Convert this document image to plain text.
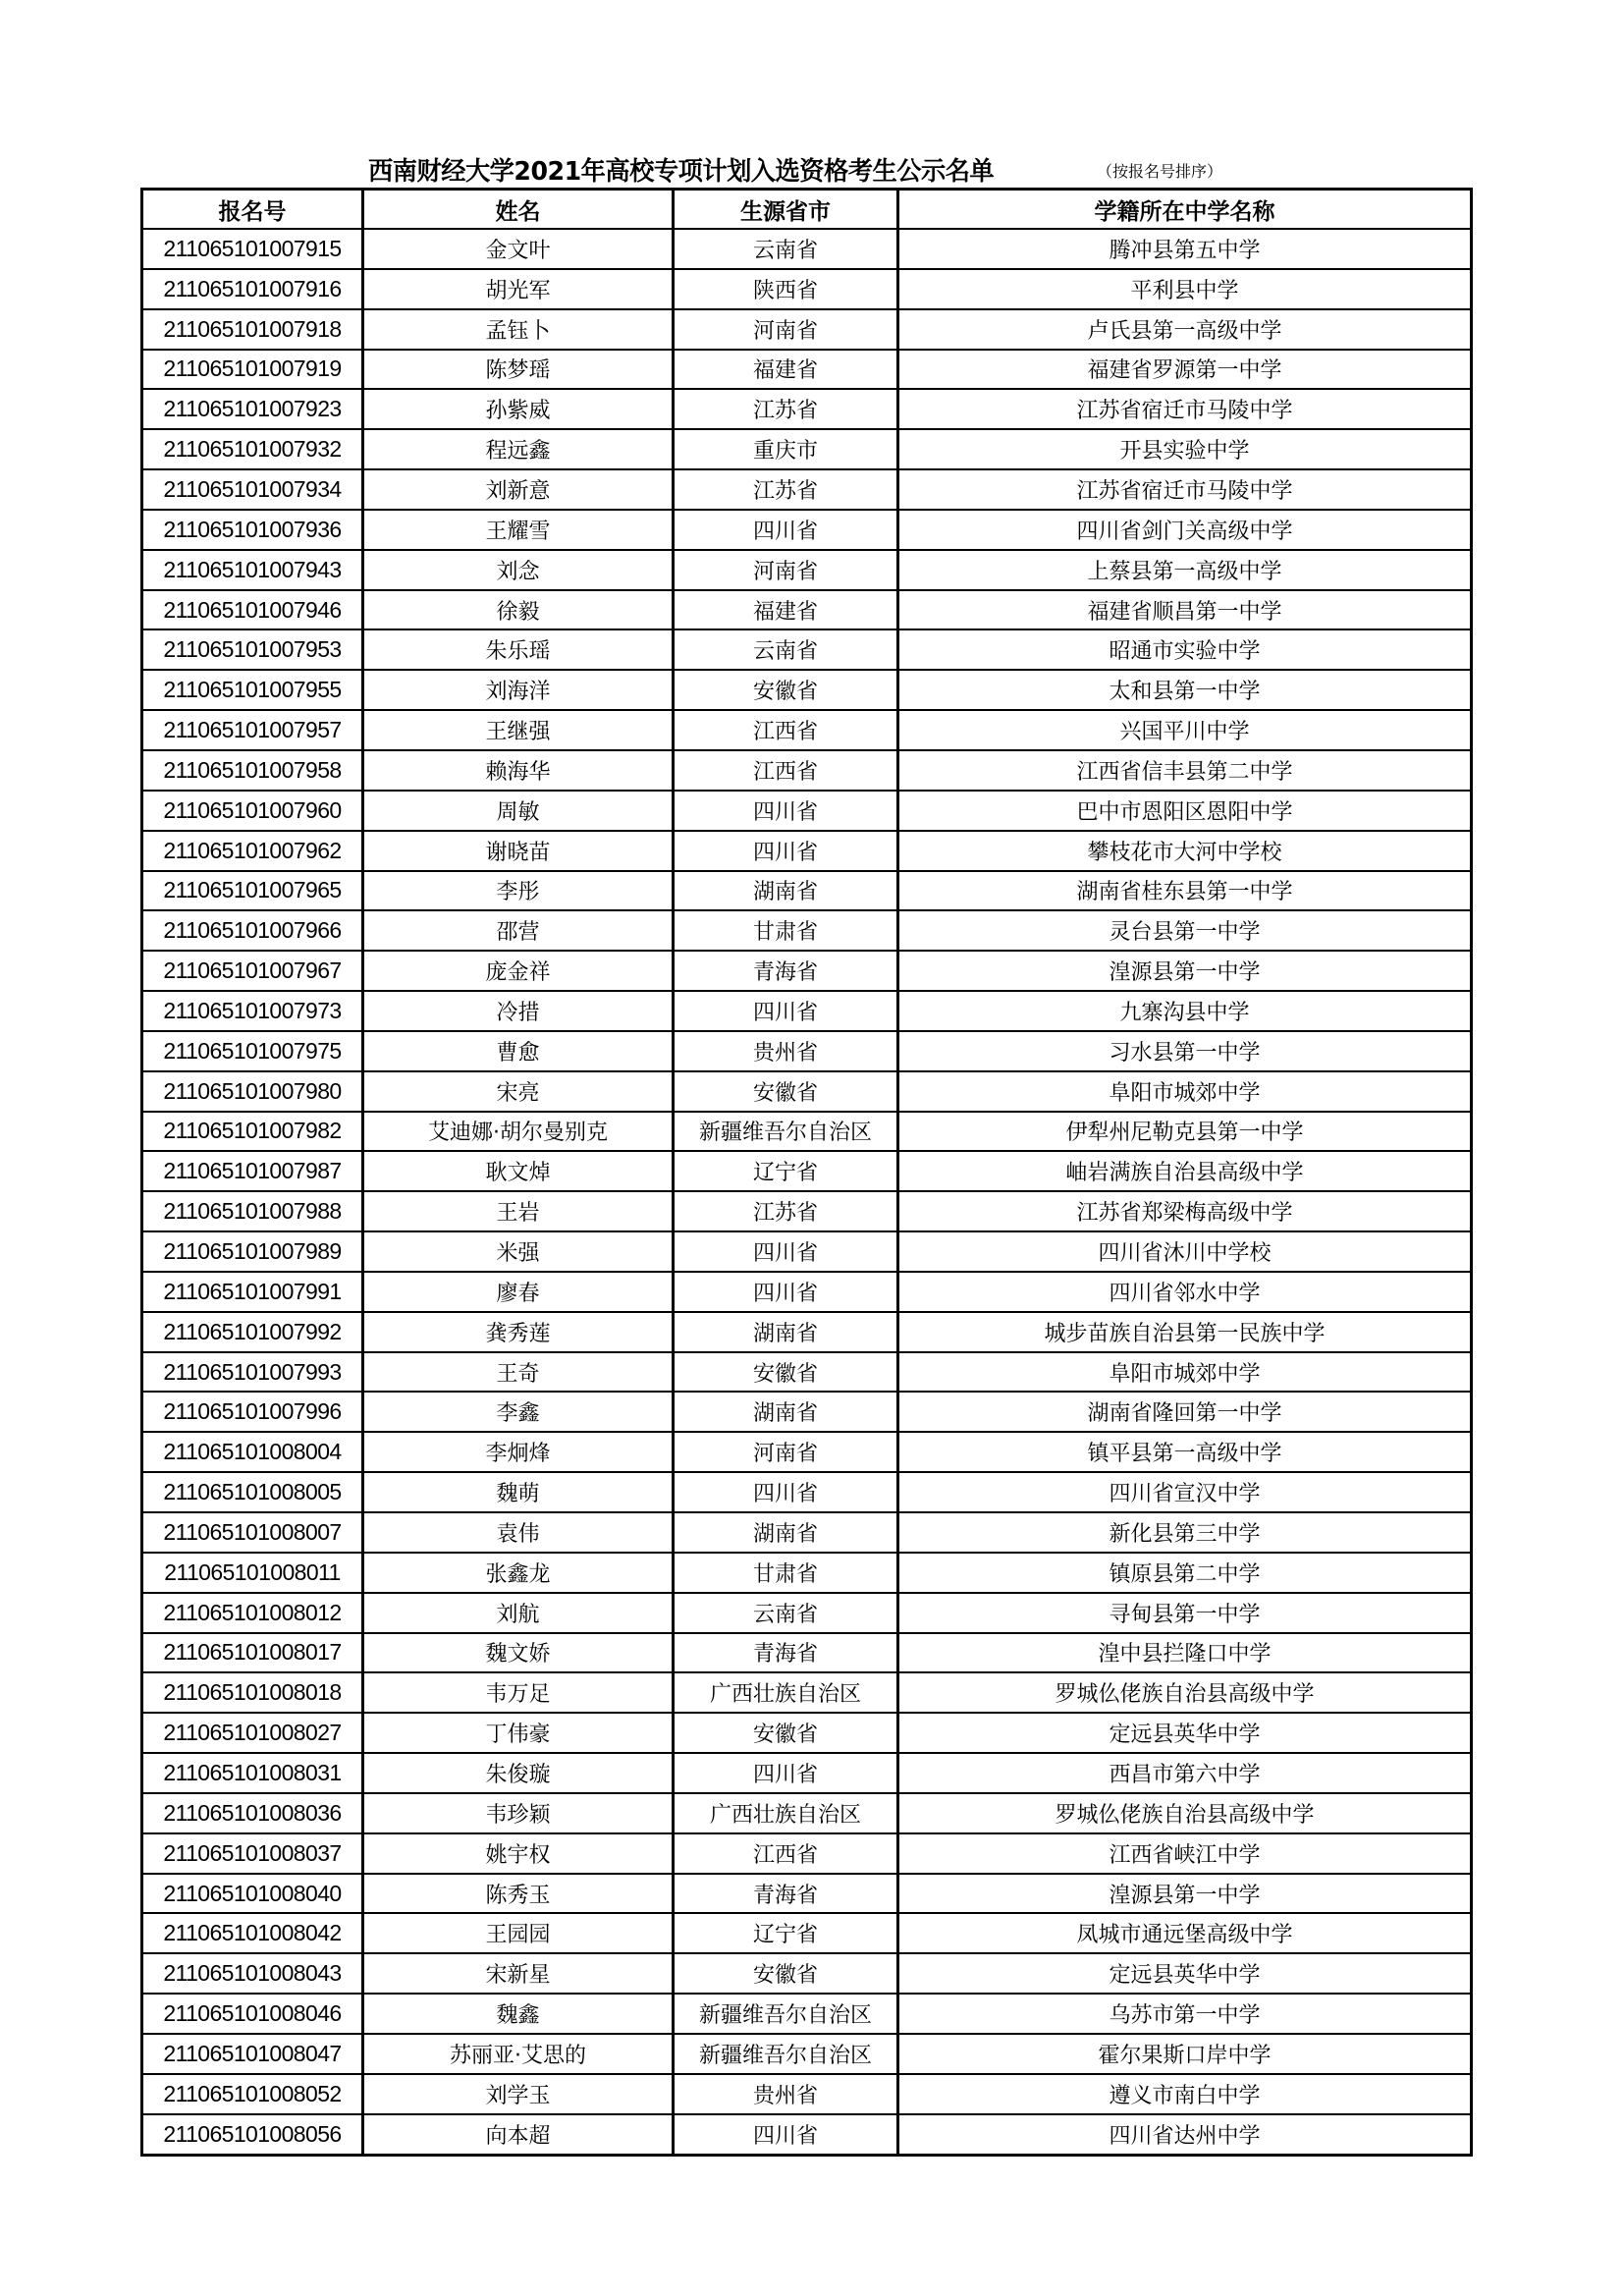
西南财经大学2021年高校专项计划入选资格考生公示名单	（按报名号排序）
报名号	姓名	生源省市	学籍所在中学名称
211065101007915	金文叶	云南省	腾冲县第五中学
211065101007916	胡光军	陕西省	平利县中学
211065101007918	孟钰卜	河南省	卢氏县第一高级中学
211065101007919	陈梦瑶	福建省	福建省罗源第一中学
211065101007923	孙紫威	江苏省	江苏省宿迁市马陵中学
211065101007932	程远鑫	重庆市	开县实验中学
211065101007934	刘新意	江苏省	江苏省宿迁市马陵中学
211065101007936	王耀雪	四川省	四川省剑门关高级中学
211065101007943	刘念	河南省	上蔡县第一高级中学
211065101007946	徐毅	福建省	福建省顺昌第一中学
211065101007953	朱乐瑶	云南省	昭通市实验中学
211065101007955	刘海洋	安徽省	太和县第一中学
211065101007957	王继强	江西省	兴国平川中学
211065101007958	赖海华	江西省	江西省信丰县第二中学
211065101007960	周敏	四川省	巴中市恩阳区恩阳中学
211065101007962	谢晓苗	四川省	攀枝花市大河中学校
211065101007965	李彤	湖南省	湖南省桂东县第一中学
211065101007966	邵营	甘肃省	灵台县第一中学
211065101007967	庞金祥	青海省	湟源县第一中学
211065101007973	冷措	四川省	九寨沟县中学
211065101007975	曹愈	贵州省	习水县第一中学
211065101007980	宋亮	安徽省	阜阳市城郊中学
211065101007982	艾迪娜·胡尔曼别克	新疆维吾尔自治区	伊犁州尼勒克县第一中学
211065101007987	耿文焯	辽宁省	岫岩满族自治县高级中学
211065101007988	王岩	江苏省	江苏省郑梁梅高级中学
211065101007989	米强	四川省	四川省沐川中学校
211065101007991	廖春	四川省	四川省邻水中学
211065101007992	龚秀莲	湖南省	城步苗族自治县第一民族中学
211065101007993	王奇	安徽省	阜阳市城郊中学
211065101007996	李鑫	湖南省	湖南省隆回第一中学
211065101008004	李炯烽	河南省	镇平县第一高级中学
211065101008005	魏萌	四川省	四川省宣汉中学
211065101008007	袁伟	湖南省	新化县第三中学
211065101008011	张鑫龙	甘肃省	镇原县第二中学
211065101008012	刘航	云南省	寻甸县第一中学
211065101008017	魏文娇	青海省	湟中县拦隆口中学
211065101008018	韦万足	广西壮族自治区	罗城仫佬族自治县高级中学
211065101008027	丁伟豪	安徽省	定远县英华中学
211065101008031	朱俊璇	四川省	西昌市第六中学
211065101008036	韦珍颖	广西壮族自治区	罗城仫佬族自治县高级中学
211065101008037	姚宇权	江西省	江西省峡江中学
211065101008040	陈秀玉	青海省	湟源县第一中学
211065101008042	王园园	辽宁省	凤城市通远堡高级中学
211065101008043	宋新星	安徽省	定远县英华中学
211065101008046	魏鑫	新疆维吾尔自治区	乌苏市第一中学
211065101008047	苏丽亚·艾思的	新疆维吾尔自治区	霍尔果斯口岸中学
211065101008052	刘学玉	贵州省	遵义市南白中学
211065101008056	向本超	四川省	四川省达州中学
